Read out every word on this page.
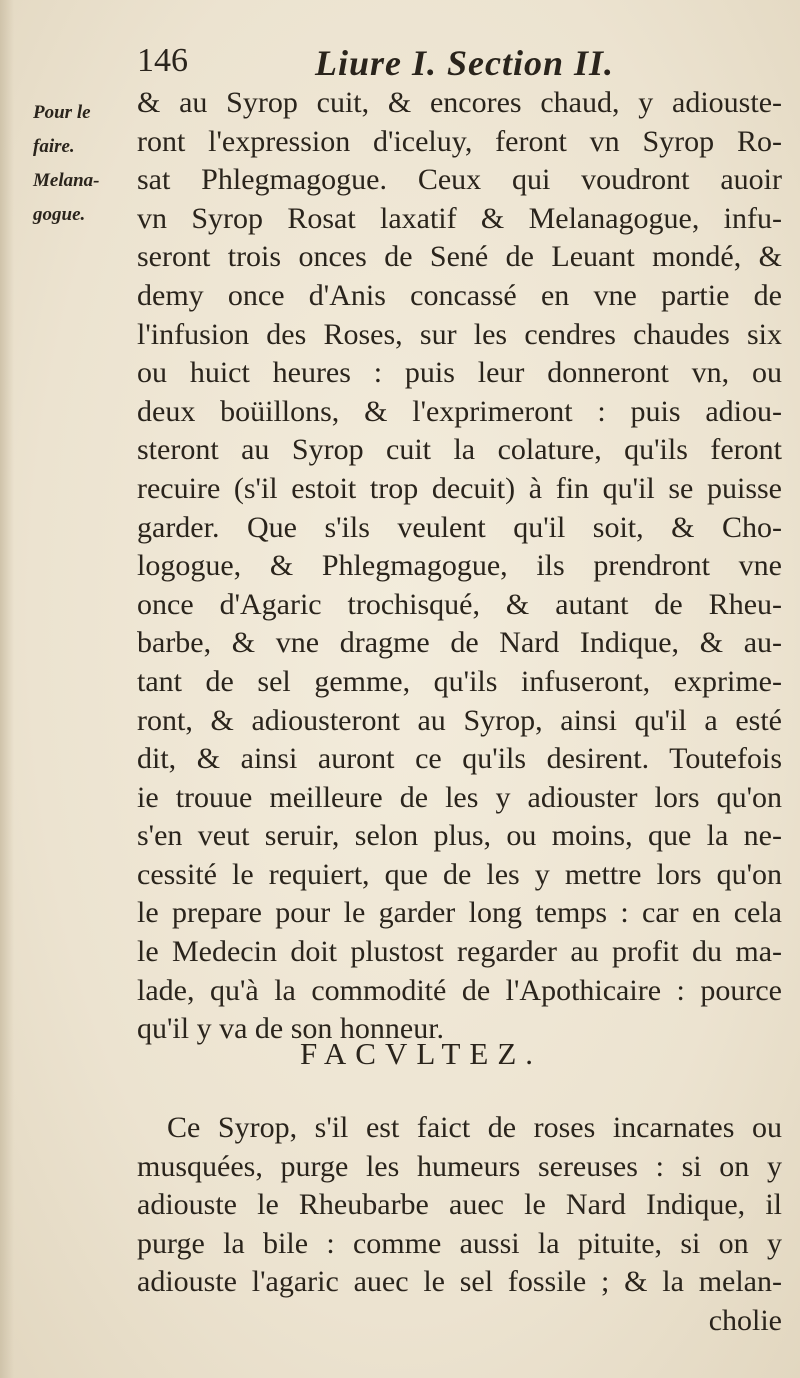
146	Liure I. Section II.
Pour le
faire.
Melana-
gogue.
& au Syrop cuit, & encores chaud, y adiouste-
ront l'expression d'iceluy, feront vn Syrop Ro-
sat Phlegmagogue. Ceux qui voudront auoir
vn Syrop Rosat laxatif & Melanagogue, infu-
seront trois onces de Sené de Leuant mondé, &
demy once d'Anis concassé en vne partie de
l'infusion des Roses, sur les cendres chaudes six
ou huict heures : puis leur donneront vn, ou
deux boüillons, & l'exprimeront : puis adiou-
steront au Syrop cuit la colature, qu'ils feront
recuire (s'il estoit trop decuit) à fin qu'il se puisse
garder. Que s'ils veulent qu'il soit, & Cho-
logogue, & Phlegmagogue, ils prendront vne
once d'Agaric trochisqué, & autant de Rheu-
barbe, & vne dragme de Nard Indique, & au-
tant de sel gemme, qu'ils infuseront, exprime-
ront, & adiousteront au Syrop, ainsi qu'il a esté
dit, & ainsi auront ce qu'ils desirent. Toutefois
ie trouue meilleure de les y adiouster lors qu'on
s'en veut seruir, selon plus, ou moins, que la ne-
cessité le requiert, que de les y mettre lors qu'on
le prepare pour le garder long temps : car en cela
le Medecin doit plustost regarder au profit du ma-
lade, qu'à la commodité de l'Apothicaire : pource
qu'il y va de son honneur.
FACVLTEZ.
Ce Syrop, s'il est faict de roses incarnates ou
musquées, purge les humeurs sereuses : si on y
adiouste le Rheubarbe auec le Nard Indique, il
purge la bile : comme aussi la pituite, si on y
adiouste l'agaric auec le sel fossile ; & la melan-
cholie
